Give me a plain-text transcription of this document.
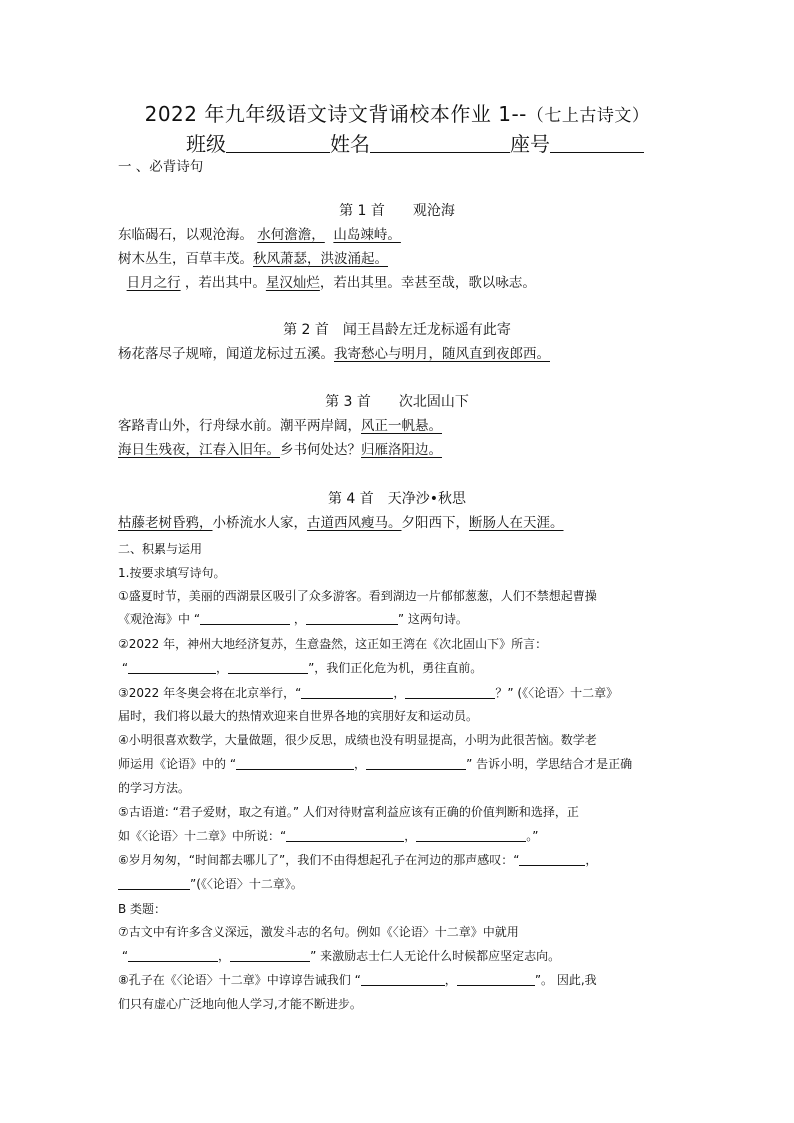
2022 年九年级语文诗文背诵校本作业 1--（七上古诗文）
班级	姓名	座号
一 、必背诗句
第 1 首　　观沧海
东临碣石，以观沧海。 水何澹澹， 山岛竦峙。
树木丛生，百草丰茂。秋风萧瑟，洪波涌起。
日月之行 ，若出其中。星汉灿烂，若出其里。幸甚至哉，歌以咏志。
第 2 首　闻王昌龄左迁龙标遥有此寄
杨花落尽子规啼，闻道龙标过五溪。我寄愁心与明月，随风直到夜郎西。
第 3 首　　次北固山下
客路青山外，行舟绿水前。潮平两岸阔，风正一帆悬。
海日生残夜，江春入旧年。乡书何处达？归雁洛阳边。
第 4 首　天净沙•秋思
枯藤老树昏鸦，小桥流水人家，古道西风瘦马。夕阳西下，断肠人在天涯。
二、积累与运用
1.按要求填写诗句。
①盛夏时节，美丽的西湖景区吸引了众多游客。看到湖边一片郁郁葱葱，人们不禁想起曹操
《观沧海》中 “	，	” 这两句诗。
②2022 年，神州大地经济复苏，生意盎然，这正如王湾在《次北固山下》所言：
“	，	”，我们正化危为机，勇往直前。
③2022 年冬奥会将在北京举行，“	，	？” (《〈论语〉十二章》
届时，我们将以最大的热情欢迎来自世界各地的宾朋好友和运动员。
④小明很喜欢数学，大量做题，很少反思，成绩也没有明显提高，小明为此很苦恼。数学老
师运用《论语》中的 “	，	” 告诉小明，学思结合才是正确
的学习方法。
⑤古语道: “君子爱财，取之有道。” 人们对待财富利益应该有正确的价值判断和选择，正
如《〈论语〉十二章》中所说：“	，	。”
⑥岁月匆匆，“时间都去哪儿了”，我们不由得想起孔子在河边的那声感叹：“	，
”(《〈论语〉十二章》。
B 类题：
⑦古文中有许多含义深远，激发斗志的名句。例如《〈论语〉十二章》中就用
“	，	” 来激励志士仁人无论什么时候都应坚定志向。
⑧孔子在《〈论语〉十二章》中谆谆告诫我们 “	，	”。 因此,我
们只有虚心广泛地向他人学习,才能不断进步。
